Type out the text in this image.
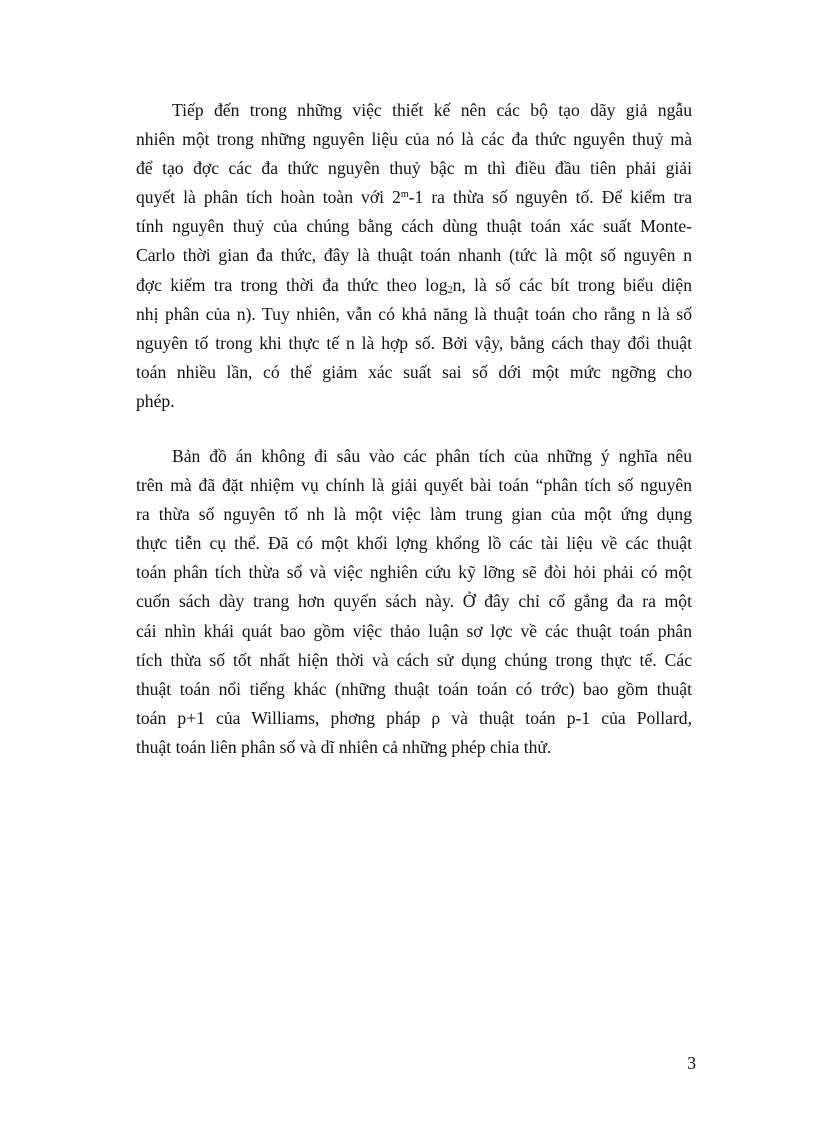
Tiếp đến trong những việc thiết kế nên các bộ tạo dãy giả ngẫu
nhiên một trong những nguyên liệu của nó là các đa thức nguyên thuỷ mà
để tạo đợc các đa thức nguyên thuỷ bậc m thì điều đầu tiên phải giải
quyết là phân tích hoàn toàn với 2$^m$-1 ra thừa số nguyên tố. Để kiểm tra
tính nguyên thuỷ của chúng bằng cách dùng thuật toán xác suất Monte-
Carlo thời gian đa thức, đây là thuật toán nhanh (tức là một số nguyên n
đợc kiểm tra trong thời đa thức theo $\log_2n$, là số các bít trong biểu diện
nhị phân của n). Tuy nhiên, vẫn có khả năng là thuật toán cho rằng n là số
nguyên tố trong khi thực tế n là hợp số. Bởi vậy, bằng cách thay đổi thuật
toán nhiều lần, có thể giảm xác suất sai số dới một mức ngỡng cho
phép.
Bản đồ án không đi sâu vào các phân tích của những ý nghĩa nêu
trên mà đã đặt nhiệm vụ chính là giải quyết bài toán “phân tích số nguyên
ra thừa số nguyên tố nh là một việc làm trung gian của một ứng dụng
thực tiễn cụ thể. Đã có một khối lợng khổng lồ các tài liệu về các thuật
toán phân tích thừa số và việc nghiên cứu kỹ lỡng sẽ đòi hỏi phải có một
cuốn sách dày trang hơn quyển sách này. Ở đây chỉ cố gắng đa ra một
cái nhìn khái quát bao gồm việc thảo luận sơ lợc về các thuật toán phân
tích thừa số tốt nhất hiện thời và cách sử dụng chúng trong thực tế. Các
thuật toán nổi tiếng khác (những thuật toán toán có trớc) bao gồm thuật
toán p+1 của Williams, phơng pháp ρ và thuật toán p-1 của Pollard,
thuật toán liên phân số và dĩ nhiên cả những phép chia thử.
3
